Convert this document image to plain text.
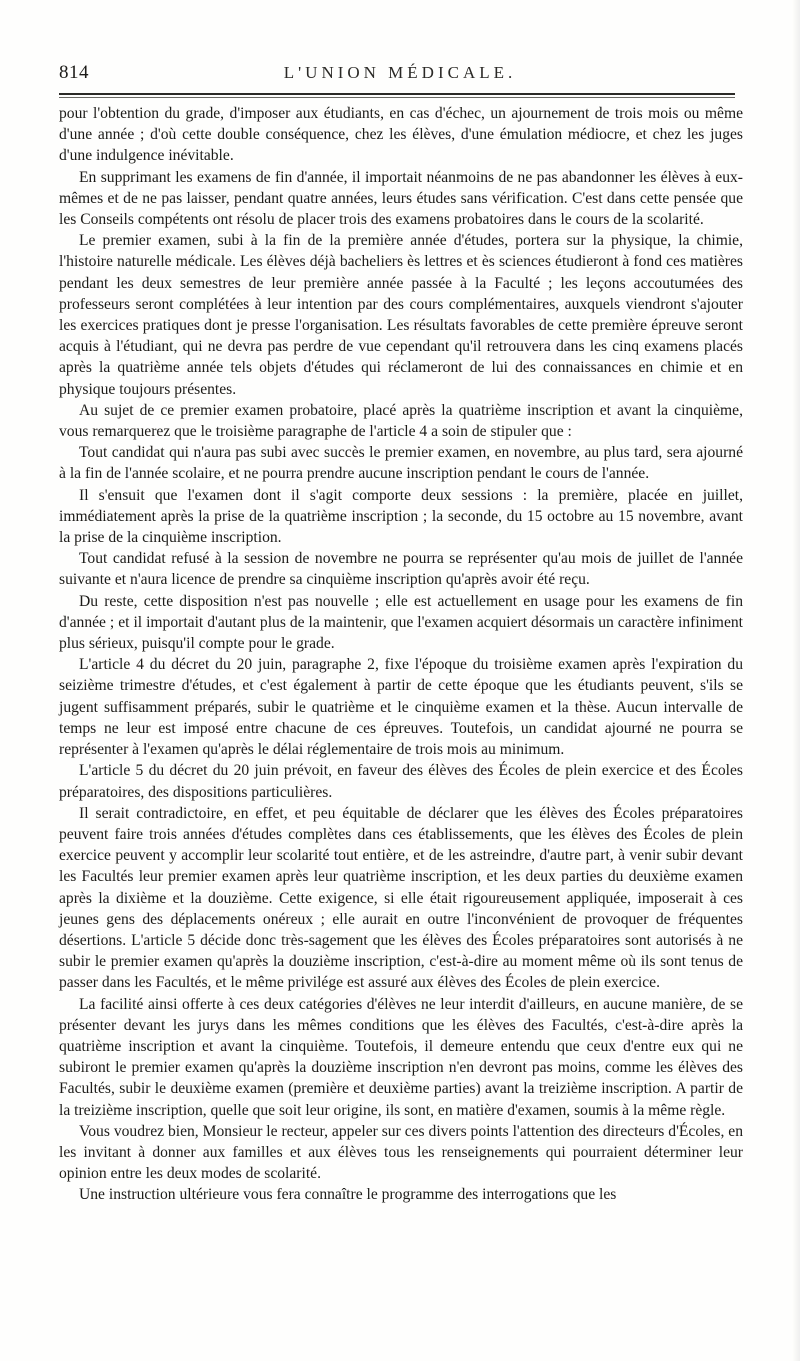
814	L'UNION MÉDICALE.

pour l'obtention du grade, d'imposer aux étudiants, en cas d'échec, un ajournement de trois mois ou même d'une année ; d'où cette double conséquence, chez les élèves, d'une émulation médiocre, et chez les juges d'une indulgence inévitable.

En supprimant les examens de fin d'année, il importait néanmoins de ne pas abandonner les élèves à eux-mêmes et de ne pas laisser, pendant quatre années, leurs études sans vérification. C'est dans cette pensée que les Conseils compétents ont résolu de placer trois des examens probatoires dans le cours de la scolarité.

Le premier examen, subi à la fin de la première année d'études, portera sur la physique, la chimie, l'histoire naturelle médicale. Les élèves déjà bacheliers ès lettres et ès sciences étudieront à fond ces matières pendant les deux semestres de leur première année passée à la Faculté ; les leçons accoutumées des professeurs seront complétées à leur intention par des cours complémentaires, auxquels viendront s'ajouter les exercices pratiques dont je presse l'organisation. Les résultats favorables de cette première épreuve seront acquis à l'étudiant, qui ne devra pas perdre de vue cependant qu'il retrouvera dans les cinq examens placés après la quatrième année tels objets d'études qui réclameront de lui des connaissances en chimie et en physique toujours présentes.

Au sujet de ce premier examen probatoire, placé après la quatrième inscription et avant la cinquième, vous remarquerez que le troisième paragraphe de l'article 4 a soin de stipuler que :

Tout candidat qui n'aura pas subi avec succès le premier examen, en novembre, au plus tard, sera ajourné à la fin de l'année scolaire, et ne pourra prendre aucune inscription pendant le cours de l'année.

Il s'ensuit que l'examen dont il s'agit comporte deux sessions : la première, placée en juillet, immédiatement après la prise de la quatrième inscription ; la seconde, du 15 octobre au 15 novembre, avant la prise de la cinquième inscription.

Tout candidat refusé à la session de novembre ne pourra se représenter qu'au mois de juillet de l'année suivante et n'aura licence de prendre sa cinquième inscription qu'après avoir été reçu.

Du reste, cette disposition n'est pas nouvelle ; elle est actuellement en usage pour les examens de fin d'année ; et il importait d'autant plus de la maintenir, que l'examen acquiert désormais un caractère infiniment plus sérieux, puisqu'il compte pour le grade.

L'article 4 du décret du 20 juin, paragraphe 2, fixe l'époque du troisième examen après l'expiration du seizième trimestre d'études, et c'est également à partir de cette époque que les étudiants peuvent, s'ils se jugent suffisamment préparés, subir le quatrième et le cinquième examen et la thèse. Aucun intervalle de temps ne leur est imposé entre chacune de ces épreuves. Toutefois, un candidat ajourné ne pourra se représenter à l'examen qu'après le délai réglementaire de trois mois au minimum.

L'article 5 du décret du 20 juin prévoit, en faveur des élèves des Écoles de plein exercice et des Écoles préparatoires, des dispositions particulières.

Il serait contradictoire, en effet, et peu équitable de déclarer que les élèves des Écoles préparatoires peuvent faire trois années d'études complètes dans ces établissements, que les élèves des Écoles de plein exercice peuvent y accomplir leur scolarité tout entière, et de les astreindre, d'autre part, à venir subir devant les Facultés leur premier examen après leur quatrième inscription, et les deux parties du deuxième examen après la dixième et la douzième. Cette exigence, si elle était rigoureusement appliquée, imposerait à ces jeunes gens des déplacements onéreux ; elle aurait en outre l'inconvénient de provoquer de fréquentes désertions. L'article 5 décide donc très-sagement que les élèves des Écoles préparatoires sont autorisés à ne subir le premier examen qu'après la douzième inscription, c'est-à-dire au moment même où ils sont tenus de passer dans les Facultés, et le même privilége est assuré aux élèves des Écoles de plein exercice.

La facilité ainsi offerte à ces deux catégories d'élèves ne leur interdit d'ailleurs, en aucune manière, de se présenter devant les jurys dans les mêmes conditions que les élèves des Facultés, c'est-à-dire après la quatrième inscription et avant la cinquième. Toutefois, il demeure entendu que ceux d'entre eux qui ne subiront le premier examen qu'après la douzième inscription n'en devront pas moins, comme les élèves des Facultés, subir le deuxième examen (première et deuxième parties) avant la treizième inscription. A partir de la treizième inscription, quelle que soit leur origine, ils sont, en matière d'examen, soumis à la même règle.

Vous voudrez bien, Monsieur le recteur, appeler sur ces divers points l'attention des directeurs d'Écoles, en les invitant à donner aux familles et aux élèves tous les renseignements qui pourraient déterminer leur opinion entre les deux modes de scolarité.

Une instruction ultérieure vous fera connaître le programme des interrogations que les
